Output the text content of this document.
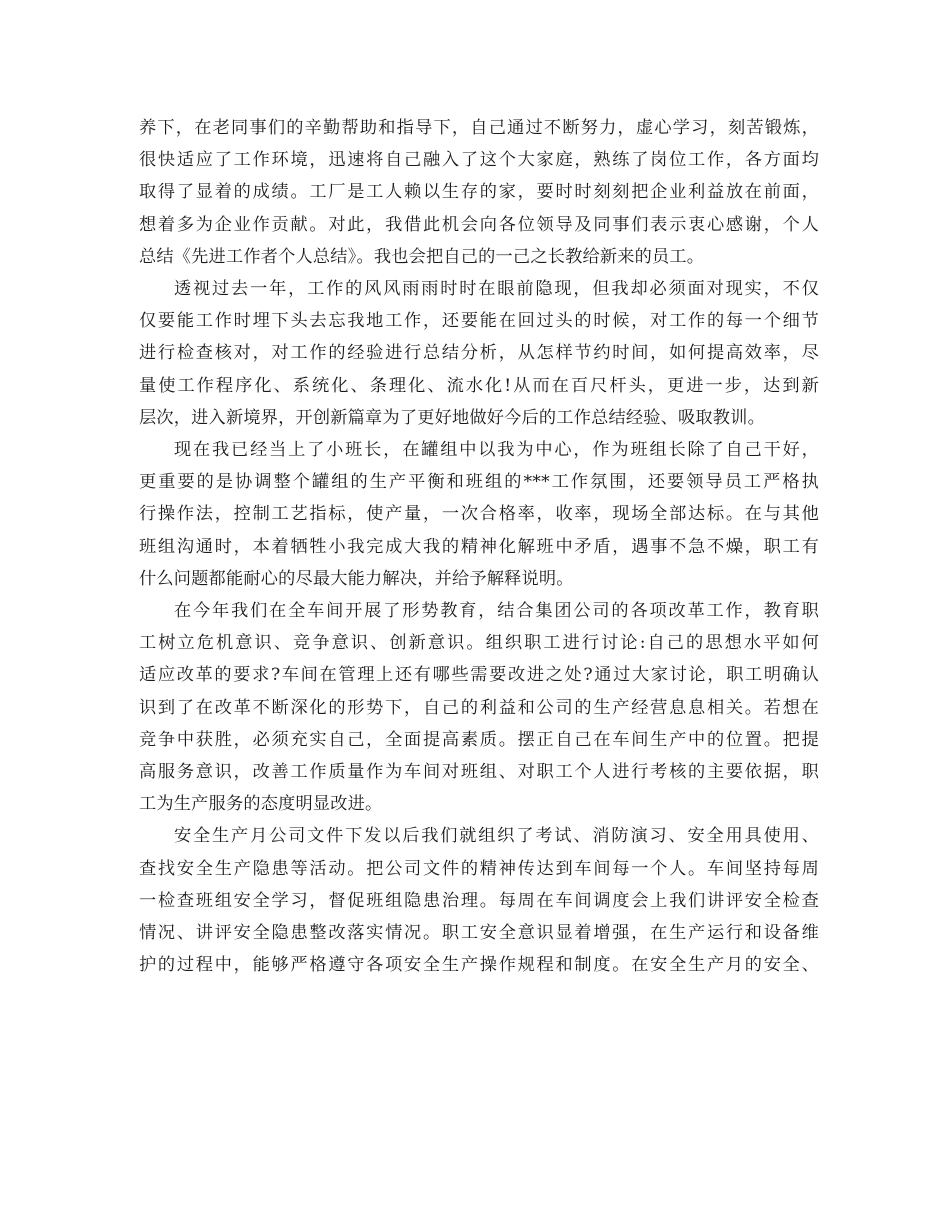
养下，在老同事们的辛勤帮助和指导下，自己通过不断努力，虚心学习，刻苦锻炼，
很快适应了工作环境，迅速将自己融入了这个大家庭，熟练了岗位工作，各方面均
取得了显着的成绩。工厂是工人赖以生存的家，要时时刻刻把企业利益放在前面，
想着多为企业作贡献。对此，我借此机会向各位领导及同事们表示衷心感谢，个人
总结《先进工作者个人总结》。我也会把自己的一己之长教给新来的员工。
透视过去一年，工作的风风雨雨时时在眼前隐现，但我却必须面对现实，不仅
仅要能工作时埋下头去忘我地工作，还要能在回过头的时候，对工作的每一个细节
进行检查核对，对工作的经验进行总结分析，从怎样节约时间，如何提高效率，尽
量使工作程序化、系统化、条理化、流水化!从而在百尺杆头，更进一步，达到新
层次，进入新境界，开创新篇章为了更好地做好今后的工作总结经验、吸取教训。
现在我已经当上了小班长，在罐组中以我为中心，作为班组长除了自己干好，
更重要的是协调整个罐组的生产平衡和班组的***工作氛围，还要领导员工严格执
行操作法，控制工艺指标，使产量，一次合格率，收率，现场全部达标。在与其他
班组沟通时，本着牺牲小我完成大我的精神化解班中矛盾，遇事不急不燥，职工有
什么问题都能耐心的尽最大能力解决，并给予解释说明。
在今年我们在全车间开展了形势教育，结合集团公司的各项改革工作，教育职
工树立危机意识、竞争意识、创新意识。组织职工进行讨论:自己的思想水平如何
适应改革的要求?车间在管理上还有哪些需要改进之处?通过大家讨论，职工明确认
识到了在改革不断深化的形势下，自己的利益和公司的生产经营息息相关。若想在
竞争中获胜，必须充实自己，全面提高素质。摆正自己在车间生产中的位置。把提
高服务意识，改善工作质量作为车间对班组、对职工个人进行考核的主要依据，职
工为生产服务的态度明显改进。
安全生产月公司文件下发以后我们就组织了考试、消防演习、安全用具使用、
查找安全生产隐患等活动。把公司文件的精神传达到车间每一个人。车间坚持每周
一检查班组安全学习，督促班组隐患治理。每周在车间调度会上我们讲评安全检查
情况、讲评安全隐患整改落实情况。职工安全意识显着增强，在生产运行和设备维
护的过程中，能够严格遵守各项安全生产操作规程和制度。在安全生产月的安全、
